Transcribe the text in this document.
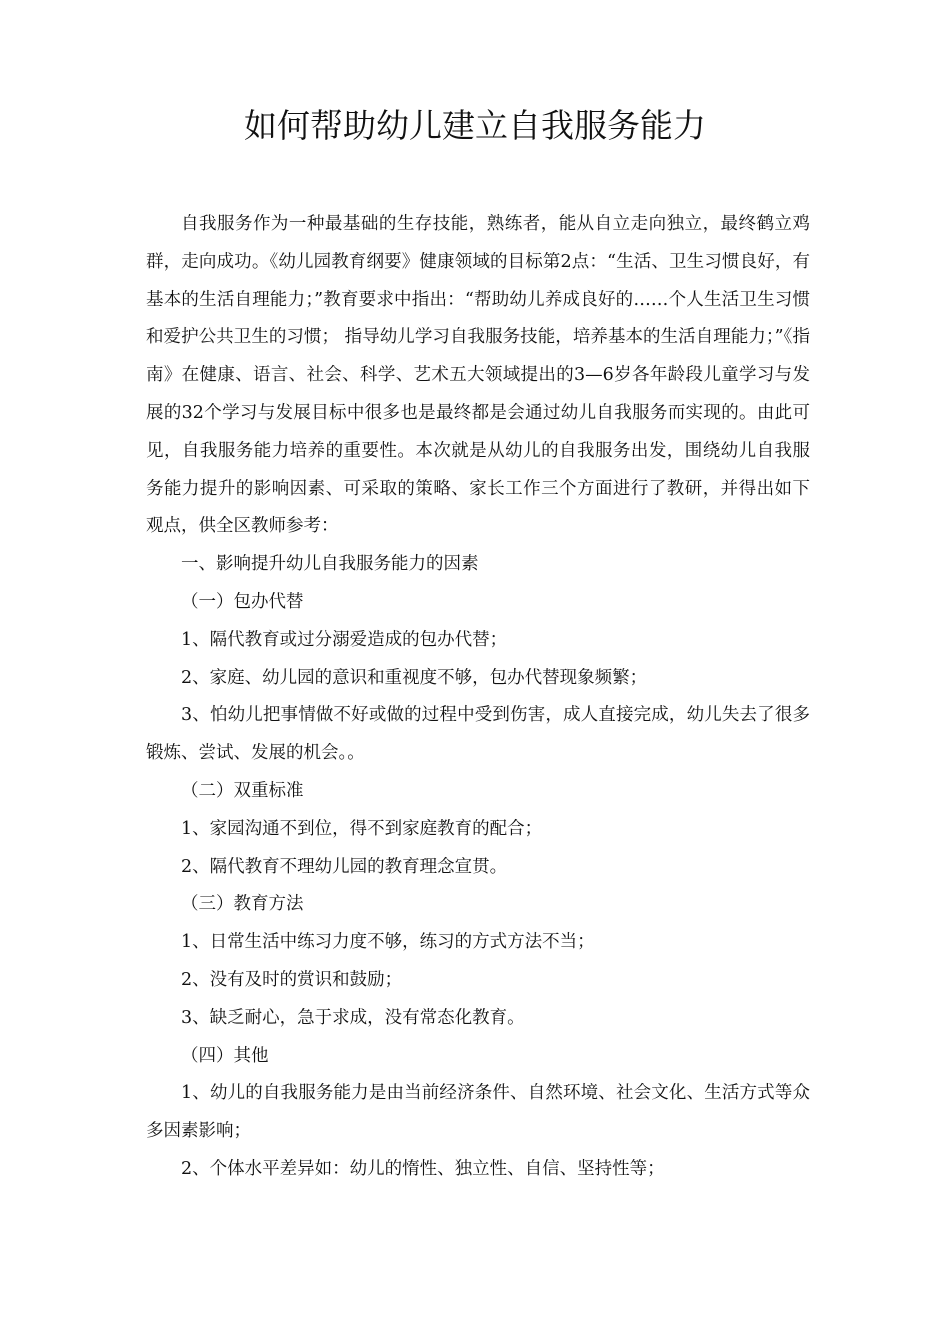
如何帮助幼儿建立自我服务能力

自我服务作为一种最基础的生存技能，熟练者，能从自立走向独立，最终鹤立鸡群，走向成功。《幼儿园教育纲要》健康领域的目标第2点：“生活、卫生习惯良好，有基本的生活自理能力；”教育要求中指出：“帮助幼儿养成良好的……个人生活卫生习惯和爱护公共卫生的习惯； 指导幼儿学习自我服务技能，培养基本的生活自理能力；”《指南》在健康、语言、社会、科学、艺术五大领域提出的3—6岁各年龄段儿童学习与发展的32个学习与发展目标中很多也是最终都是会通过幼儿自我服务而实现的。由此可见，自我服务能力培养的重要性。本次就是从幼儿的自我服务出发，围绕幼儿自我服务能力提升的影响因素、可采取的策略、家长工作三个方面进行了教研，并得出如下观点，供全区教师参考：

一、影响提升幼儿自我服务能力的因素

（一）包办代替

1、隔代教育或过分溺爱造成的包办代替；

2、家庭、幼儿园的意识和重视度不够，包办代替现象频繁；

3、怕幼儿把事情做不好或做的过程中受到伤害，成人直接完成，幼儿失去了很多锻炼、尝试、发展的机会。。

（二）双重标准

1、家园沟通不到位，得不到家庭教育的配合；

2、隔代教育不理幼儿园的教育理念宣贯。

（三）教育方法

1、日常生活中练习力度不够，练习的方式方法不当；

2、没有及时的赏识和鼓励；

3、缺乏耐心，急于求成，没有常态化教育。

（四）其他

1、幼儿的自我服务能力是由当前经济条件、自然环境、社会文化、生活方式等众多因素影响；

2、个体水平差异如：幼儿的惰性、独立性、自信、坚持性等；
